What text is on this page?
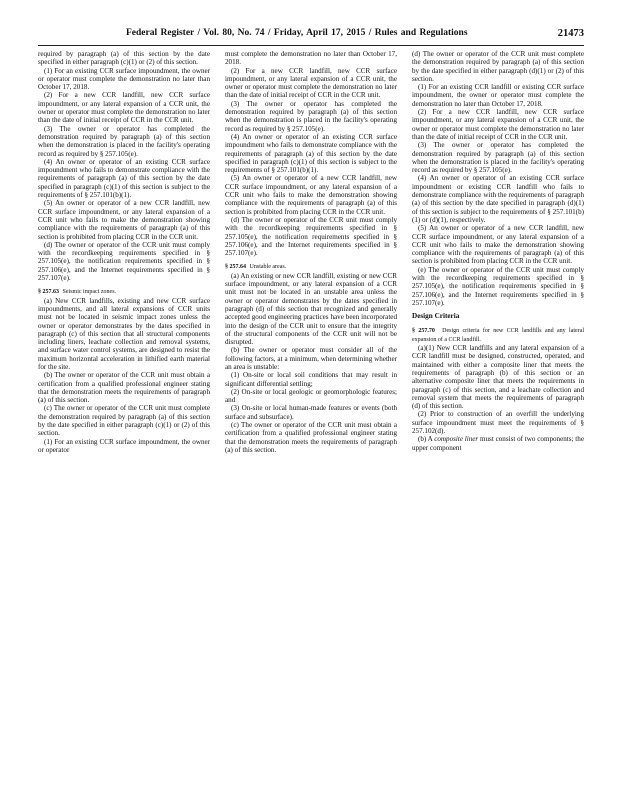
Federal Register / Vol. 80, No. 74 / Friday, April 17, 2015 / Rules and Regulations	21473

required by paragraph (a) of this section by the date specified in either paragraph (c)(1) or (2) of this section.

(1) For an existing CCR surface impoundment, the owner or operator must complete the demonstration no later than October 17, 2018.

(2) For a new CCR landfill, new CCR surface impoundment, or any lateral expansion of a CCR unit, the owner or operator must complete the demonstration no later than the date of initial receipt of CCR in the CCR unit.

(3) The owner or operator has completed the demonstration required by paragraph (a) of this section when the demonstration is placed in the facility's operating record as required by § 257.105(e).

(4) An owner or operator of an existing CCR surface impoundment who fails to demonstrate compliance with the requirements of paragraph (a) of this section by the date specified in paragraph (c)(1) of this section is subject to the requirements of § 257.101(b)(1).

(5) An owner or operator of a new CCR landfill, new CCR surface impoundment, or any lateral expansion of a CCR unit who fails to make the demonstration showing compliance with the requirements of paragraph (a) of this section is prohibited from placing CCR in the CCR unit.

(d) The owner or operator of the CCR unit must comply with the recordkeeping requirements specified in § 257.105(e), the notification requirements specified in § 257.106(e), and the Internet requirements specified in § 257.107(e).

§ 257.63 Seismic impact zones.

(a) New CCR landfills, existing and new CCR surface impoundments, and all lateral expansions of CCR units must not be located in seismic impact zones unless the owner or operator demonstrates by the dates specified in paragraph (c) of this section that all structural components including liners, leachate collection and removal systems, and surface water control systems, are designed to resist the maximum horizontal acceleration in lithified earth material for the site.

(b) The owner or operator of the CCR unit must obtain a certification from a qualified professional engineer stating that the demonstration meets the requirements of paragraph (a) of this section.

(c) The owner or operator of the CCR unit must complete the demonstration required by paragraph (a) of this section by the date specified in either paragraph (c)(1) or (2) of this section.

(1) For an existing CCR surface impoundment, the owner or operator

must complete the demonstration no later than October 17, 2018.

(2) For a new CCR landfill, new CCR surface impoundment, or any lateral expansion of a CCR unit, the owner or operator must complete the demonstration no later than the date of initial receipt of CCR in the CCR unit.

(3) The owner or operator has completed the demonstration required by paragraph (a) of this section when the demonstration is placed in the facility's operating record as required by § 257.105(e).

(4) An owner or operator of an existing CCR surface impoundment who fails to demonstrate compliance with the requirements of paragraph (a) of this section by the date specified in paragraph (c)(1) of this section is subject to the requirements of § 257.101(b)(1).

(5) An owner or operator of a new CCR landfill, new CCR surface impoundment, or any lateral expansion of a CCR unit who fails to make the demonstration showing compliance with the requirements of paragraph (a) of this section is prohibited from placing CCR in the CCR unit.

(d) The owner or operator of the CCR unit must comply with the recordkeeping requirements specified in § 257.105(e), the notification requirements specified in § 257.106(e), and the Internet requirements specified in § 257.107(e).

§ 257.64 Unstable areas.

(a) An existing or new CCR landfill, existing or new CCR surface impoundment, or any lateral expansion of a CCR unit must not be located in an unstable area unless the owner or operator demonstrates by the dates specified in paragraph (d) of this section that recognized and generally accepted good engineering practices have been incorporated into the design of the CCR unit to ensure that the integrity of the structural components of the CCR unit will not be disrupted.

(b) The owner or operator must consider all of the following factors, at a minimum, when determining whether an area is unstable:

(1) On-site or local soil conditions that may result in significant differential settling;

(2) On-site or local geologic or geomorphologic features; and

(3) On-site or local human-made features or events (both surface and subsurface).

(c) The owner or operator of the CCR unit must obtain a certification from a qualified professional engineer stating that the demonstration meets the requirements of paragraph (a) of this section.

(d) The owner or operator of the CCR unit must complete the demonstration required by paragraph (a) of this section by the date specified in either paragraph (d)(1) or (2) of this section.

(1) For an existing CCR landfill or existing CCR surface impoundment, the owner or operator must complete the demonstration no later than October 17, 2018.

(2) For a new CCR landfill, new CCR surface impoundment, or any lateral expansion of a CCR unit, the owner or operator must complete the demonstration no later than the date of initial receipt of CCR in the CCR unit.

(3) The owner or operator has completed the demonstration required by paragraph (a) of this section when the demonstration is placed in the facility's operating record as required by § 257.105(e).

(4) An owner or operator of an existing CCR surface impoundment or existing CCR landfill who fails to demonstrate compliance with the requirements of paragraph (a) of this section by the date specified in paragraph (d)(1) of this section is subject to the requirements of § 257.101(b)(1) or (d)(1), respectively.

(5) An owner or operator of a new CCR landfill, new CCR surface impoundment, or any lateral expansion of a CCR unit who fails to make the demonstration showing compliance with the requirements of paragraph (a) of this section is prohibited from placing CCR in the CCR unit.

(e) The owner or operator of the CCR unit must comply with the recordkeeping requirements specified in § 257.105(e), the notification requirements specified in § 257.106(e), and the Internet requirements specified in § 257.107(e).

Design Criteria

§ 257.70 Design criteria for new CCR landfills and any lateral expansion of a CCR landfill.

(a)(1) New CCR landfills and any lateral expansion of a CCR landfill must be designed, constructed, operated, and maintained with either a composite liner that meets the requirements of paragraph (b) of this section or an alternative composite liner that meets the requirements in paragraph (c) of this section, and a leachate collection and removal system that meets the requirements of paragraph (d) of this section.

(2) Prior to construction of an overfill the underlying surface impoundment must meet the requirements of § 257.102(d).

(b) A composite liner must consist of two components; the upper component
